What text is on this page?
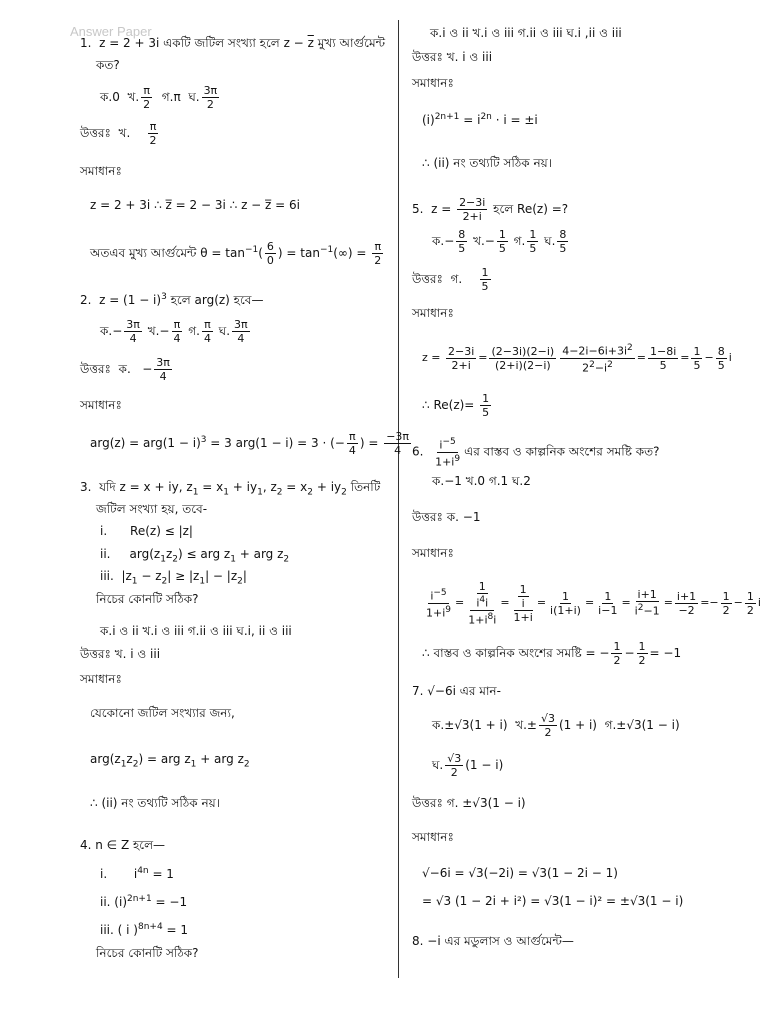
Answer Paper
1.  z = 2 + 3i একটি জটিল সংখ্যা হলে $z - \overline{z}$ মুখ্য আর্গুমেন্ট
কত?
ক.0  খ. $\frac{\pi}{2}$ গ.π  ঘ. $\frac{3\pi}{2}$
উত্তরঃ  খ. $\frac{\pi}{2}$
সমাধানঃ
z = 2 + 3i ∴ z̅ = 2 − 3i ∴ z − z̅ = 6i
অতএব মুখ্য আর্গুমেন্ট $\theta = \tan^{-1}( \frac{6}{0}$ ) = $\tan^{-1}(\infty) = \frac{\pi}{2}$
2.  $z = (1 - i)^3$ হলে arg(z) হবে—
ক.− $\frac{3\pi}{4}$ খ.− $\frac{\pi}{4}$ গ. $\frac{\pi}{4}$ ঘ. $\frac{3\pi}{4}$
উত্তরঃ  ক.   − $\frac{3\pi}{4}$
সমাধানঃ
$arg(z) = arg(1 - i)^3 = 3$ arg(1 − i) = 3 · (− $\frac{\pi}{4}$ ) = $\frac{-3\pi}{4}$
3.  যদি z = x + iy, $z_1 = x_1 + iy_1$, $z_2 = x_2 + iy_2$ তিনটি
জটিল সংখ্যা হয়, তবে-
i.      Re(z) ≤ |z|
ii.     $arg(z_1z_2)$ ≤ arg $z_1$ + arg $z_2$
iii.  $|z_1 - z_2| \ge |z_1| - |z_2|$
নিচের কোনটি সঠিক?
ক.i ও ii খ.i ও iii গ.ii ও iii ঘ.i, ii ও iii
উত্তরঃ খ. i ও iii
সমাধানঃ
যেকোনো জটিল সংখ্যার জন্য,
$arg(z_1z_2)$ = arg $z_1$ + arg $z_2$
∴ (ii) নং তথ্যটি সঠিক নয়।
4. n ∈ Z হলে—
i.       $i^{4n} = 1$
ii. $(i)^{2n+1} = -1$
iii. ( i )$^{8n+4}$ = 1
নিচের কোনটি সঠিক?
ক.i ও ii খ.i ও iii গ.ii ও iii ঘ.i ,ii ও iii
উত্তরঃ খ. i ও iii
সমাধানঃ
$(i)^{2n+1} = i^{2n} \cdot i = \pm i$
∴ (ii) নং তথ্যটি সঠিক নয়।
5.  $z = \frac{2-3i}{2+i}$ হলে Re(z) =?
ক.− $\frac{8}{5}$ খ.− $\frac{1}{5}$ গ. $\frac{1}{5}$ ঘ. $\frac{8}{5}$
উত্তরঃ  গ. $\frac{1}{5}$
সমাধানঃ
$z = \frac{2-3i}{2+i} = \frac{(2-3i)(2-i)}{(2+i)(2-i)} \frac{4-2i-6i+3i^2}{2^2-i^2} = \frac{1-8i}{5} = \frac{1}{5} - \frac{8}{5}$ i
∴ $Re(z)= \frac{1}{5}$
6. $\frac{i^{-5}}{1+i^9}$ এর বাস্তব ও কাল্পনিক অংশের সমষ্টি কত?
ক.−1 খ.0 গ.1 ঘ.2
উত্তরঃ ক. −1
সমাধানঃ
$\frac{i^{-5}}{1+i^9} = \frac{\frac{1}{i^4i}}{1+i^8i} = \frac{\frac{1}{i}}{1+i} = \frac{1}{i(1+i)} = \frac{1}{i-1} = \frac{i+1}{i^2-1} = \frac{i+1}{-2} =- \frac{1}{2} - \frac{1}{2}$ i
∴ বাস্তব ও কাল্পনিক অংশের সমষ্টি = − $\frac{1}{2} - \frac{1}{2} = -1$
7. √−6i এর মান-
ক.±√3(1 + i)  খ.± $\frac{√3}{2} (1 + i)$  গ.±√3(1 − i)
ঘ. $\frac{√3}{2} (1 - i)$
উত্তরঃ গ. ±√3(1 − i)
সমাধানঃ
√−6i = √3(−2i) = √3(1 − 2i − 1)
= √3 (1 − 2i + i²) = √3(1 − i)² = ±√3(1 − i)
8. −i এর মডুলাস ও আর্গুমেন্ট—
